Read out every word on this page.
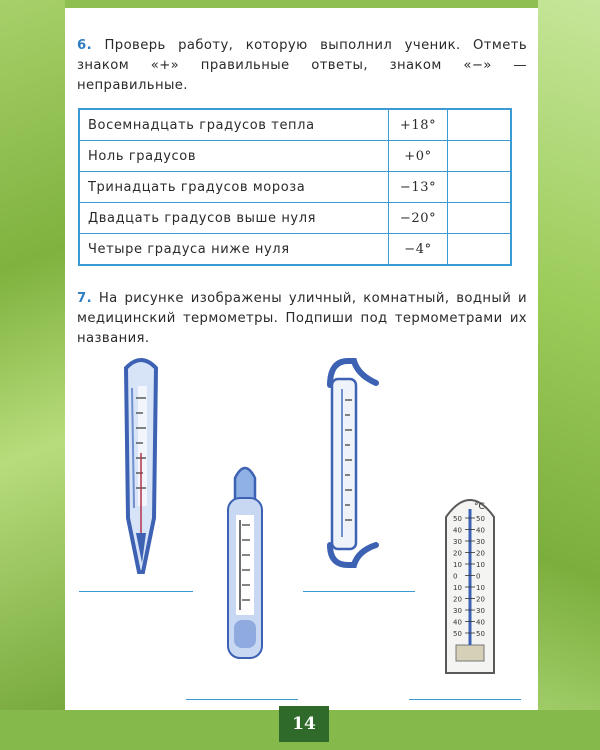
6. Проверь работу, которую выполнил ученик. Отметь знаком «+» правильные ответы, знаком «−» — неправильные.
Восемнадцать градусов тепла	+18°	
Ноль градусов	+0°	
Тринадцать градусов мороза	−13°	
Двадцать градусов выше нуля	−20°	
Четыре градуса ниже нуля	−4°	
7. На рисунке изображены уличный, комнатный, водный и медицинский термометры. Подпиши под термометрами их названия.
°C
50 50
40 40
30 30
20 20
10 10
0	0
10 10
20 20
30 30
40 40
50 50
14
